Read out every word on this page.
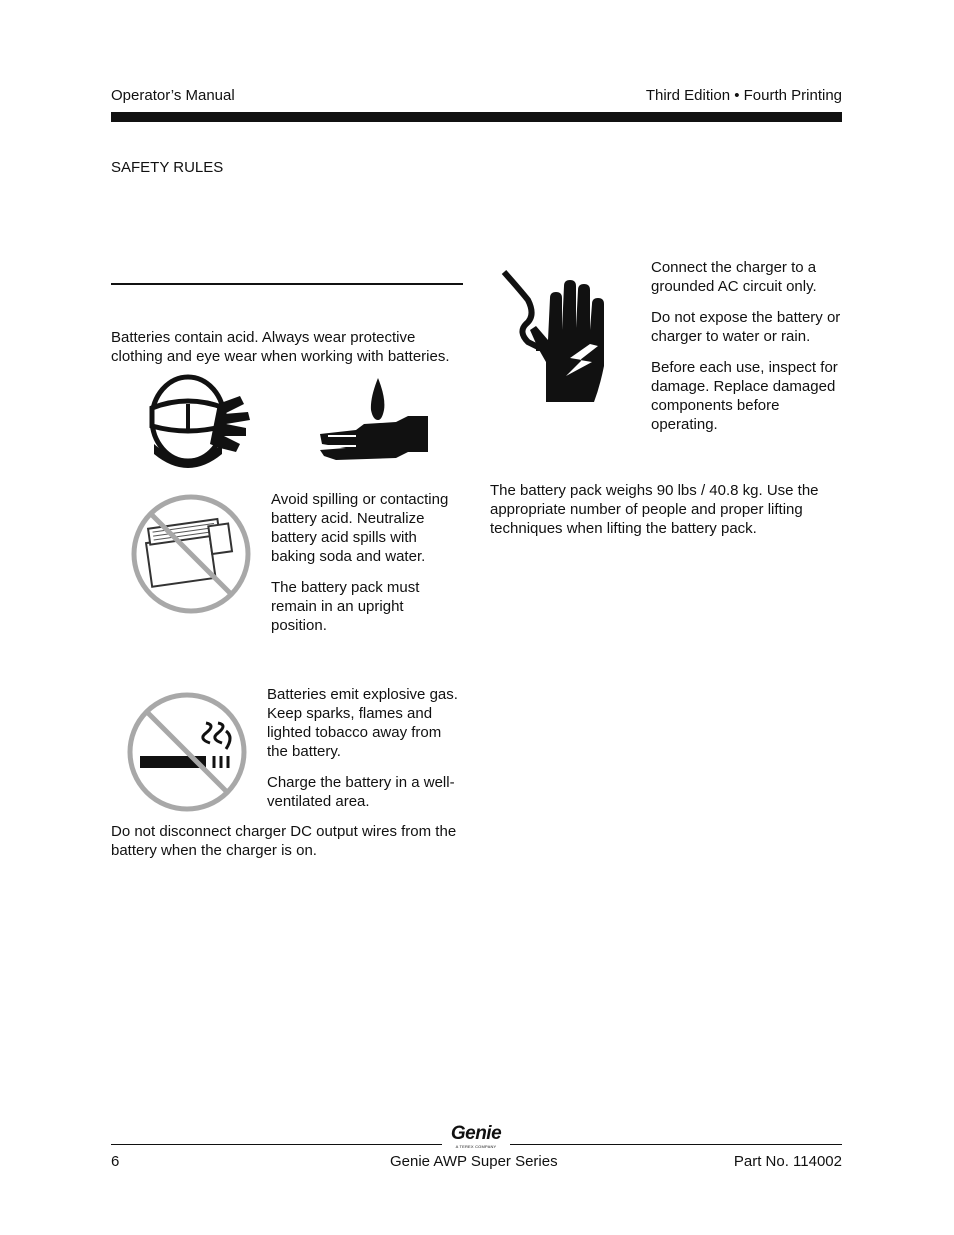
Operator’s Manual	Third Edition • Fourth Printing
SAFETY RULES
Batteries contain acid. Always wear protective clothing and eye wear when working with batteries.

Avoid spilling or contacting battery acid. Neutralize battery acid spills with baking soda and water.

The battery pack must remain in an upright position.

Batteries emit explosive gas. Keep sparks, flames and lighted tobacco away from the battery.

Charge the battery in a well-ventilated area.

Do not disconnect charger DC output wires from the battery when the charger is on.

Connect the charger to a grounded AC circuit only.

Do not expose the battery or charger to water or rain.

Before each use, inspect for damage. Replace damaged components before operating.

The battery pack weighs 90 lbs / 40.8 kg. Use the appropriate number of people and proper lifting techniques when lifting the battery pack.
Genie
A TEREX COMPANY
6	Genie AWP Super Series	Part No. 114002
